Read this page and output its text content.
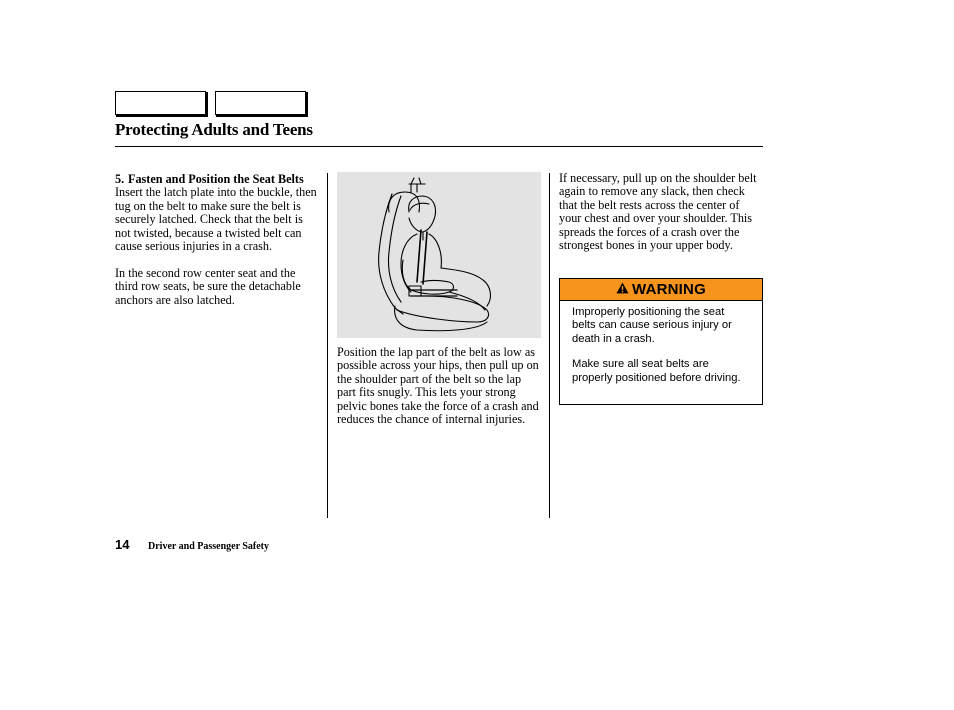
Protecting Adults and Teens
5. Fasten and Position the Seat Belts

Insert the latch plate into the buckle, then tug on the belt to make sure the belt is securely latched. Check that the belt is not twisted, because a twisted belt can cause serious injuries in a crash.

In the second row center seat and the third row seats, be sure the detachable anchors are also latched.

Position the lap part of the belt as low as possible across your hips, then pull up on the shoulder part of the belt so the lap part fits snugly. This lets your strong pelvic bones take the force of a crash and reduces the chance of internal injuries.

If necessary, pull up on the shoulder belt again to remove any slack, then check that the belt rests across the center of your chest and over your shoulder. This spreads the forces of a crash over the strongest bones in your upper body.

WARNING

Improperly positioning the seat belts can cause serious injury or death in a crash.

Make sure all seat belts are properly positioned before driving.

14 Driver and Passenger Safety
